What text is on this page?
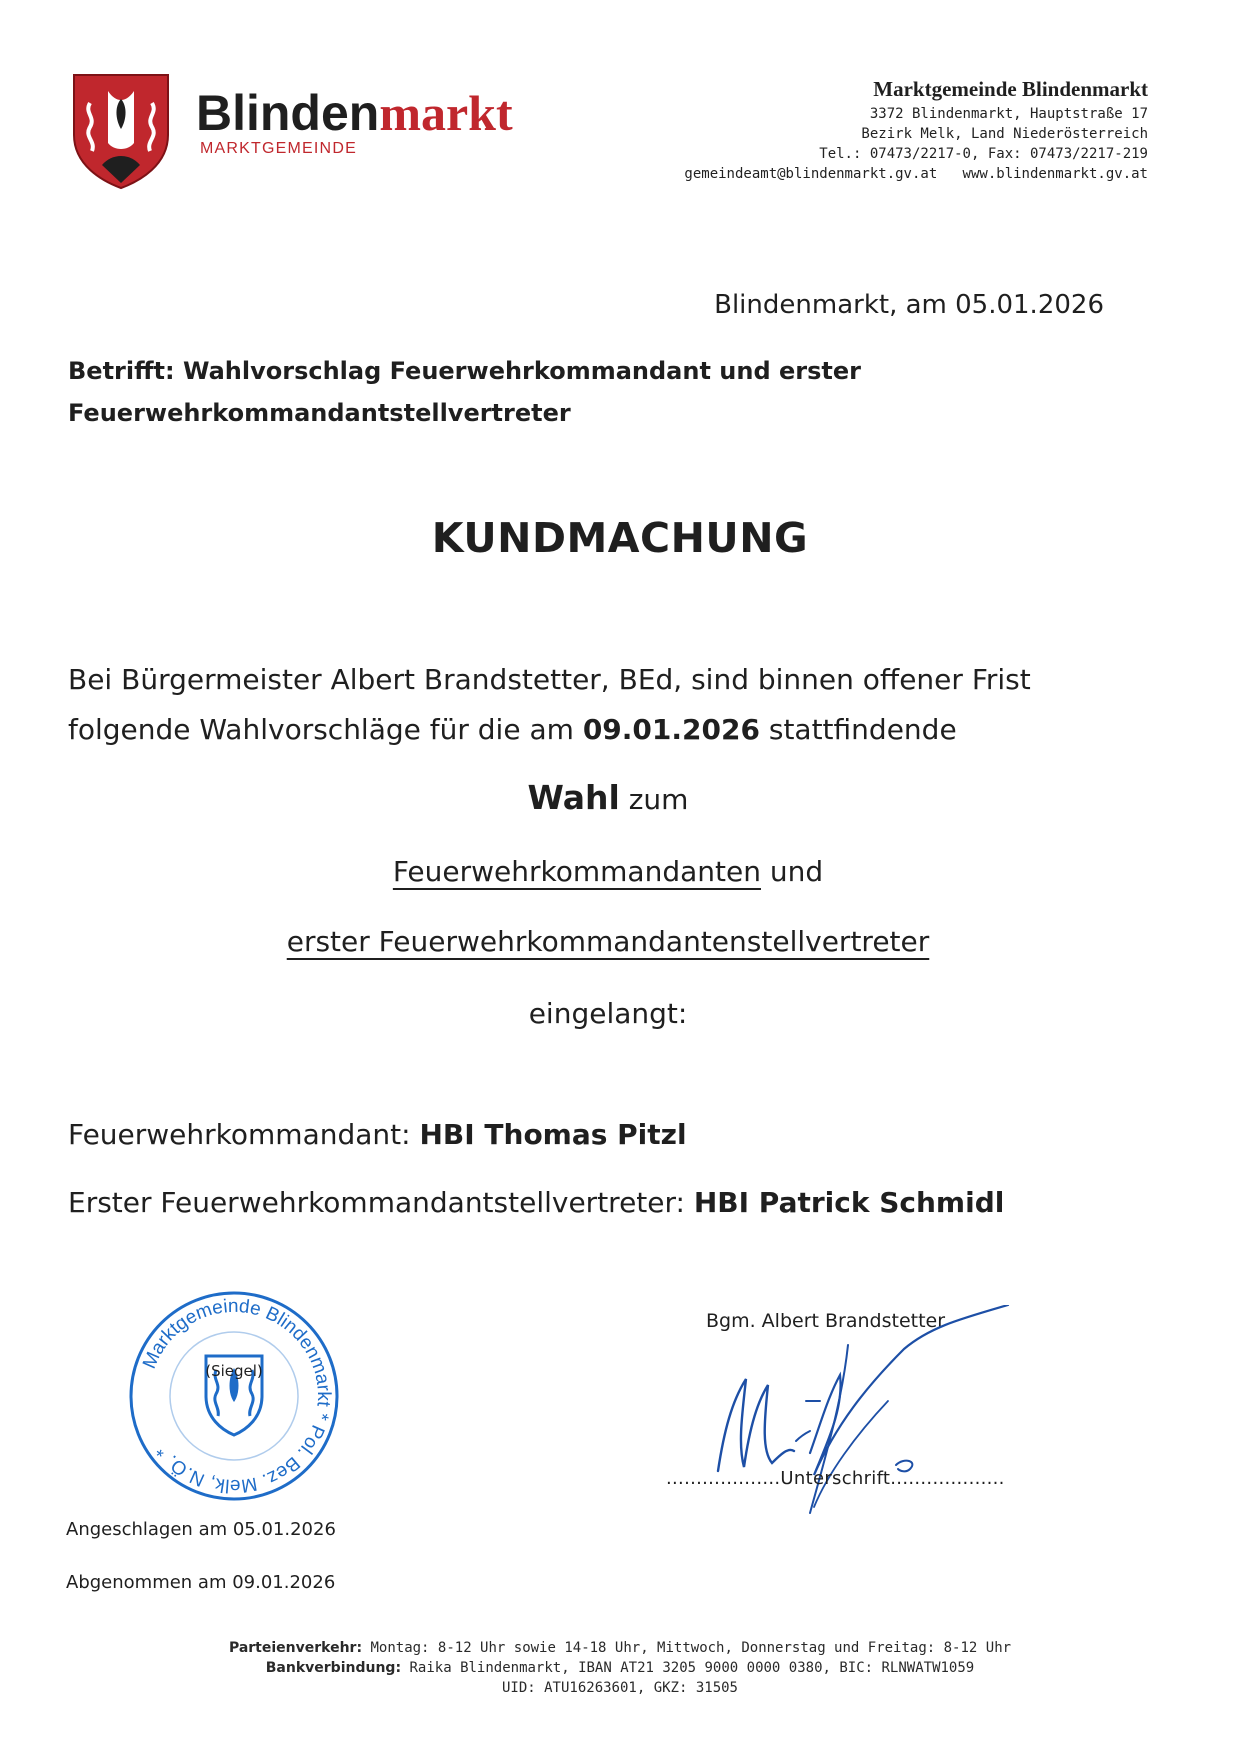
Blindenmarkt
MARKTGEMEINDE
Marktgemeinde Blindenmarkt
3372 Blindenmarkt, Hauptstraße 17
Bezirk Melk, Land Niederösterreich
Tel.: 07473/2217-0, Fax: 07473/2217-219
gemeindeamt@blindenmarkt.gv.at   www.blindenmarkt.gv.at
Blindenmarkt, am 05.01.2026
Betrifft: Wahlvorschlag Feuerwehrkommandant und erster
Feuerwehrkommandantstellvertreter
KUNDMACHUNG
Bei Bürgermeister Albert Brandstetter, BEd, sind binnen offener Frist
folgende Wahlvorschläge für die am 09.01.2026 stattfindende
Wahl zum
Feuerwehrkommandanten und
erster Feuerwehrkommandantenstellvertreter
eingelangt:
Feuerwehrkommandant: HBI Thomas Pitzl
Erster Feuerwehrkommandantstellvertreter: HBI Patrick Schmidl
Marktgemeinde Blindenmarkt * Pol. Bez. Melk, N.Ö. *
(Siegel)
Bgm. Albert Brandstetter
...................Unterschrift...................
Angeschlagen am 05.01.2026
Abgenommen am 09.01.2026
Parteienverkehr: Montag: 8-12 Uhr sowie 14-18 Uhr, Mittwoch, Donnerstag und Freitag: 8-12 Uhr
Bankverbindung: Raika Blindenmarkt, IBAN AT21 3205 9000 0000 0380, BIC: RLNWATW1059
UID: ATU16263601, GKZ: 31505
